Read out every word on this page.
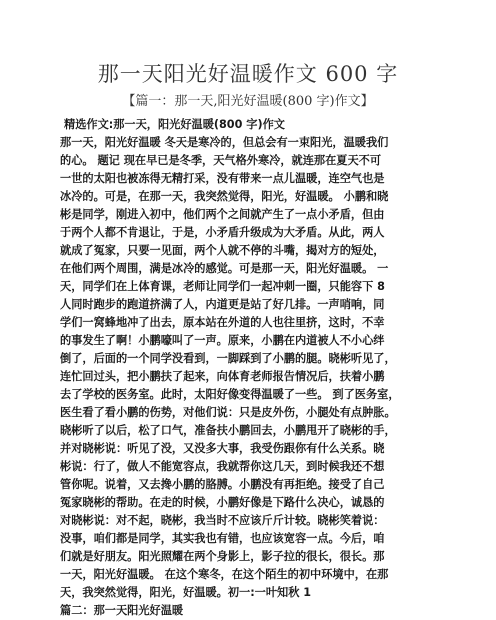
那一天阳光好温暖作文 600 字
【篇一：那一天,阳光好温暖(800 字)作文】
精选作文:那一天，阳光好温暖(800 字)作文
那一天，阳光好温暖 冬天是寒冷的，但总会有一束阳光，温暖我们
的心。 题记 现在早已是冬季，天气格外寒冷，就连那在夏天不可
一世的太阳也被冻得无精打采，没有带来一点儿温暖，连空气也是
冰冷的。可是，在那一天，我突然觉得，阳光，好温暖。 小鹏和晓
彬是同学，刚进入初中，他们两个之间就产生了一点小矛盾，但由
于两个人都不肯退让，于是，小矛盾升级成为大矛盾。从此，两人
就成了冤家，只要一见面，两个人就不停的斗嘴，揭对方的短处，
在他们两个周围，满是冰冷的感觉。可是那一天，阳光好温暖。 一
天，同学们在上体育课，老师让同学们一起冲刺一圈，只能容下 8
人同时跑步的跑道挤满了人，内道更是站了好几排。一声哨响，同
学们一窝蜂地冲了出去，原本站在外道的人也往里挤，这时，不幸
的事发生了啊！小鹏嚎叫了一声。原来，小鹏在内道被人不小心绊
倒了，后面的一个同学没看到，一脚踩到了小鹏的腿。晓彬听见了，
连忙回过头，把小鹏扶了起来，向体育老师报告情况后，扶着小鹏
去了学校的医务室。此时，太阳好像变得温暖了一些。 到了医务室，
医生看了看小鹏的伤势，对他们说：只是皮外伤，小腿处有点肿胀。
晓彬听了以后，松了口气，准备扶小鹏回去，小鹏甩开了晓彬的手，
并对晓彬说：听见了没，又没多大事，我受伤跟你有什么关系。晓
彬说：行了，做人不能宽容点，我就帮你这几天，到时候我还不想
管你呢。说着，又去搀小鹏的胳膊。小鹏没有再拒绝。接受了自己
冤家晓彬的帮助。在走的时候，小鹏好像是下路什么决心，诚恳的
对晓彬说：对不起，晓彬，我当时不应该斤斤计较。晓彬笑着说：
没事，咱们都是同学，其实我也有错，也应该宽容一点。今后，咱
们就是好朋友。阳光照耀在两个身影上，影子拉的很长，很长。那
一天，阳光好温暖。 在这个寒冬，在这个陌生的初中环境中，在那
天，我突然觉得，阳光，好温暖。初一:一叶知秋 1
篇二：那一天阳光好温暖
